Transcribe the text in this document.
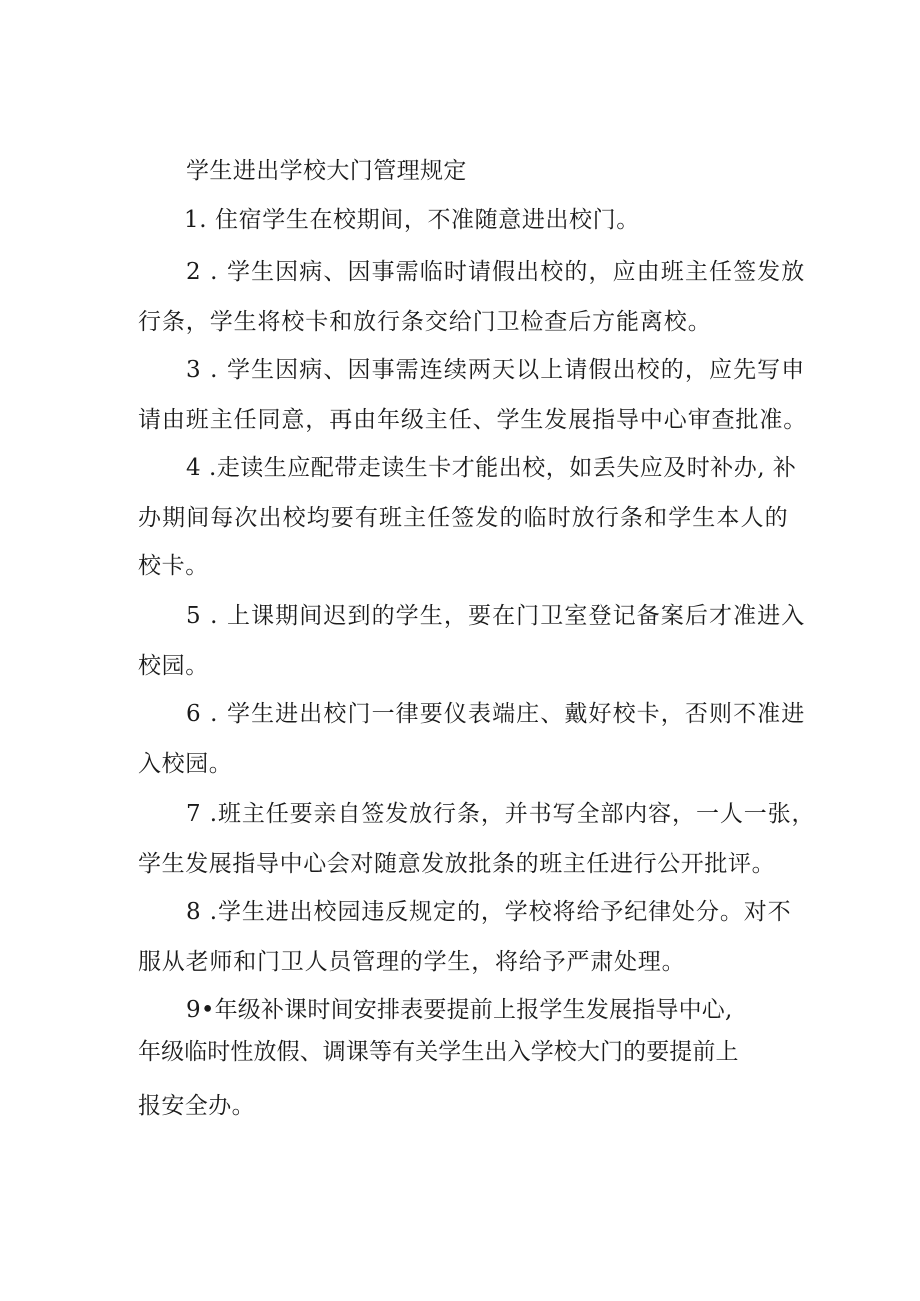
学生进出学校大门管理规定
1. 住宿学生在校期间，不准随意进出校门。
2 . 学生因病、因事需临时请假出校的，应由班主任签发放
行条，学生将校卡和放行条交给门卫检查后方能离校。
3 . 学生因病、因事需连续两天以上请假出校的，应先写申
请由班主任同意，再由年级主任、学生发展指导中心审查批准。
4 .走读生应配带走读生卡才能出校，如丢失应及时补办, 补
办期间每次出校均要有班主任签发的临时放行条和学生本人的
校卡。
5 . 上课期间迟到的学生，要在门卫室登记备案后才准进入
校园。
6 . 学生进出校门一律要仪表端庄、戴好校卡，否则不准进
入校园。
7 .班主任要亲自签发放行条，并书写全部内容，一人一张，
学生发展指导中心会对随意发放批条的班主任进行公开批评。
8 .学生进出校园违反规定的，学校将给予纪律处分。对不
服从老师和门卫人员管理的学生，将给予严肃处理。
9•年级补课时间安排表要提前上报学生发展指导中心,
年级临时性放假、调课等有关学生出入学校大门的要提前上
报安全办。
